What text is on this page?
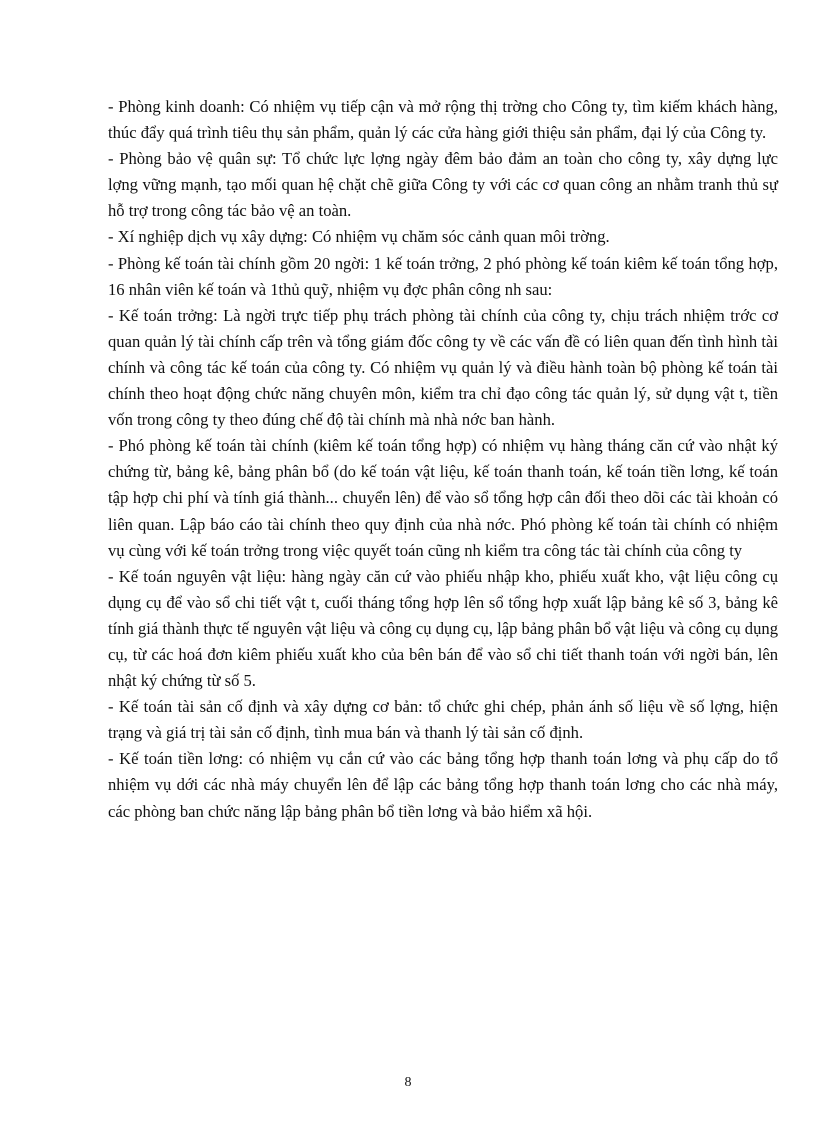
- Phòng kinh doanh: Có nhiệm vụ tiếp cận và mở rộng thị trờng cho Công ty, tìm kiếm khách hàng, thúc đẩy quá trình tiêu thụ sản phẩm, quản lý các cửa hàng giới thiệu sản phẩm, đại lý của Công ty.

- Phòng bảo vệ quân sự: Tổ chức lực lợng ngày đêm bảo đảm an toàn cho công ty, xây dựng lực lợng vững mạnh, tạo mối quan hệ chặt chẽ giữa Công ty với các cơ quan công an nhằm tranh thủ sự hỗ trợ trong công tác bảo vệ an toàn.

- Xí nghiệp dịch vụ xây dựng: Có nhiệm vụ chăm sóc cảnh quan môi trờng.

- Phòng kế toán tài chính gồm 20 ngời: 1 kế toán trởng, 2 phó phòng kế toán kiêm kế toán tổng hợp, 16 nhân viên kế toán và 1thủ quỹ, nhiệm vụ đợc phân công nh sau:

- Kế toán trởng: Là ngời trực tiếp phụ trách phòng tài chính của công ty, chịu trách nhiệm trớc cơ quan quản lý tài chính cấp trên và tổng giám đốc công ty về các vấn đề có liên quan đến tình hình tài chính và công tác kế toán của công ty. Có nhiệm vụ quản lý và điều hành toàn bộ phòng kế toán tài chính theo hoạt động chức năng chuyên môn, kiểm tra chỉ đạo công tác quản lý, sử dụng vật t, tiền vốn trong công ty theo đúng chế độ tài chính mà nhà nớc ban hành.

- Phó phòng kế toán tài chính (kiêm kế toán tổng hợp) có nhiệm vụ hàng tháng căn cứ vào nhật ký chứng từ, bảng kê, bảng phân bổ (do kế toán vật liệu, kế toán thanh toán, kế toán tiền lơng, kế toán tập hợp chi phí và tính giá thành... chuyển lên) để vào sổ tổng hợp cân đối theo dõi các tài khoản có liên quan. Lập báo cáo tài chính theo quy định của nhà nớc. Phó phòng kế toán tài chính có nhiệm vụ cùng với kế toán trởng trong việc quyết toán cũng nh kiểm tra công tác tài chính của công ty

- Kế toán nguyên vật liệu: hàng ngày căn cứ vào phiếu nhập kho, phiếu xuất kho, vật liệu công cụ dụng cụ để vào sổ chi tiết vật t, cuối tháng tổng hợp lên sổ tổng hợp xuất lập bảng kê số 3, bảng kê tính giá thành thực tế nguyên vật liệu và công cụ dụng cụ, lập bảng phân bổ vật liệu và công cụ dụng cụ, từ các hoá đơn kiêm phiếu xuất kho của bên bán để vào sổ chi tiết thanh toán với ngời bán, lên nhật ký chứng từ số 5.

- Kế toán tài sản cố định và xây dựng cơ bản: tổ chức ghi chép, phản ánh số liệu về số lợng, hiện trạng và giá trị tài sản cố định, tình mua bán và thanh lý tài sản cố định.

- Kế toán tiền lơng: có nhiệm vụ cắn cứ vào các bảng tổng hợp thanh toán lơng và phụ cấp do tổ nhiệm vụ dới các nhà máy chuyển lên để lập các bảng tổng hợp thanh toán lơng cho các nhà máy, các phòng ban chức năng lập bảng phân bổ tiền lơng và bảo hiểm xã hội.

8
